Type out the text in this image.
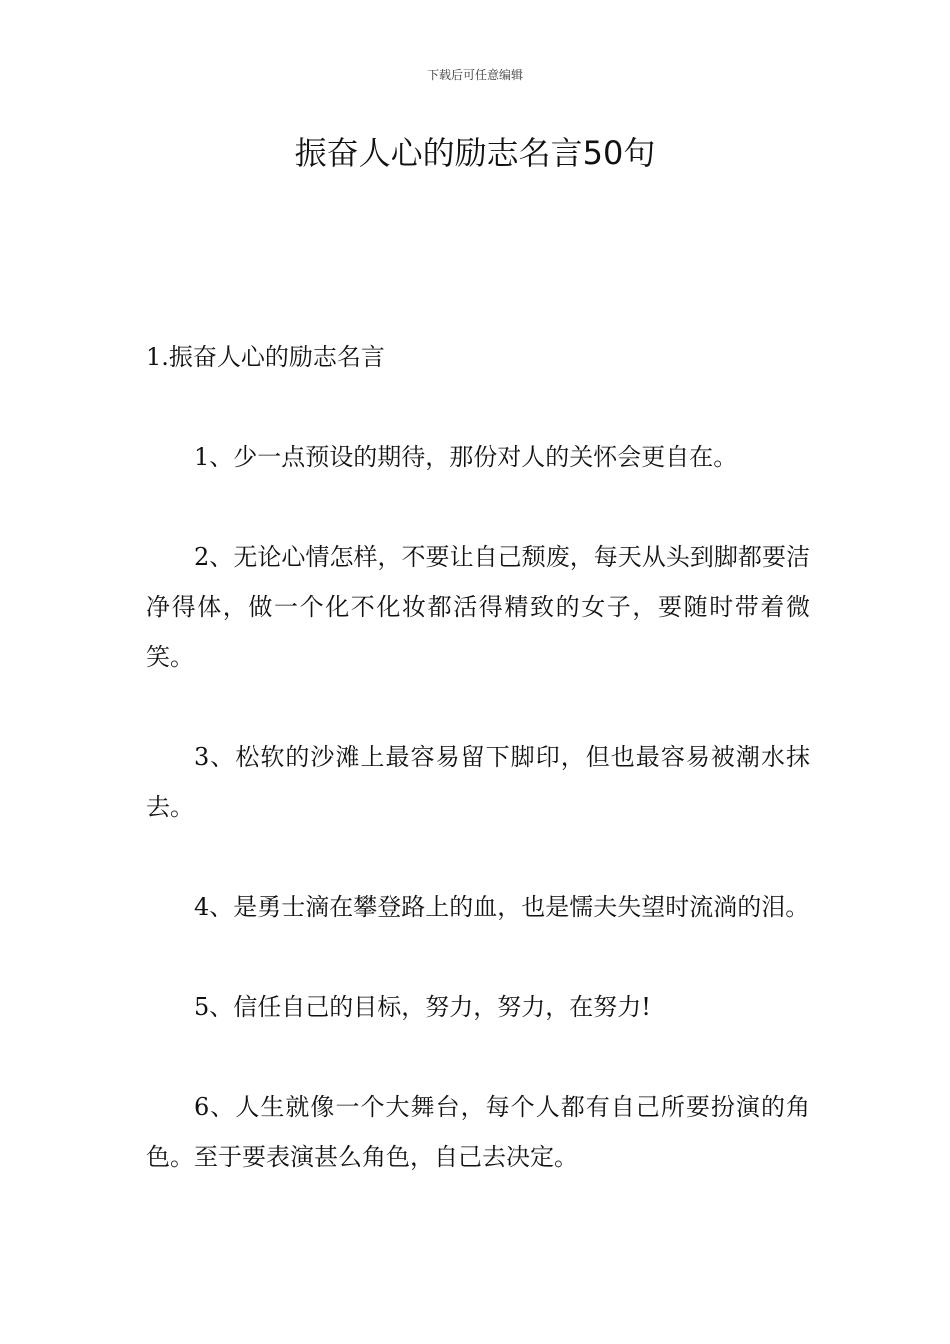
下载后可任意编辑
振奋人心的励志名言50句

1.振奋人心的励志名言

1、少一点预设的期待，那份对人的关怀会更自在。

2、无论心情怎样，不要让自己颓废，每天从头到脚都要洁净得体，做一个化不化妆都活得精致的女子，要随时带着微笑。

3、松软的沙滩上最容易留下脚印，但也最容易被潮水抹去。

4、是勇士滴在攀登路上的血，也是懦夫失望时流淌的泪。

5、信任自己的目标，努力，努力，在努力!

6、人生就像一个大舞台，每个人都有自己所要扮演的角色。至于要表演甚么角色，自己去决定。
